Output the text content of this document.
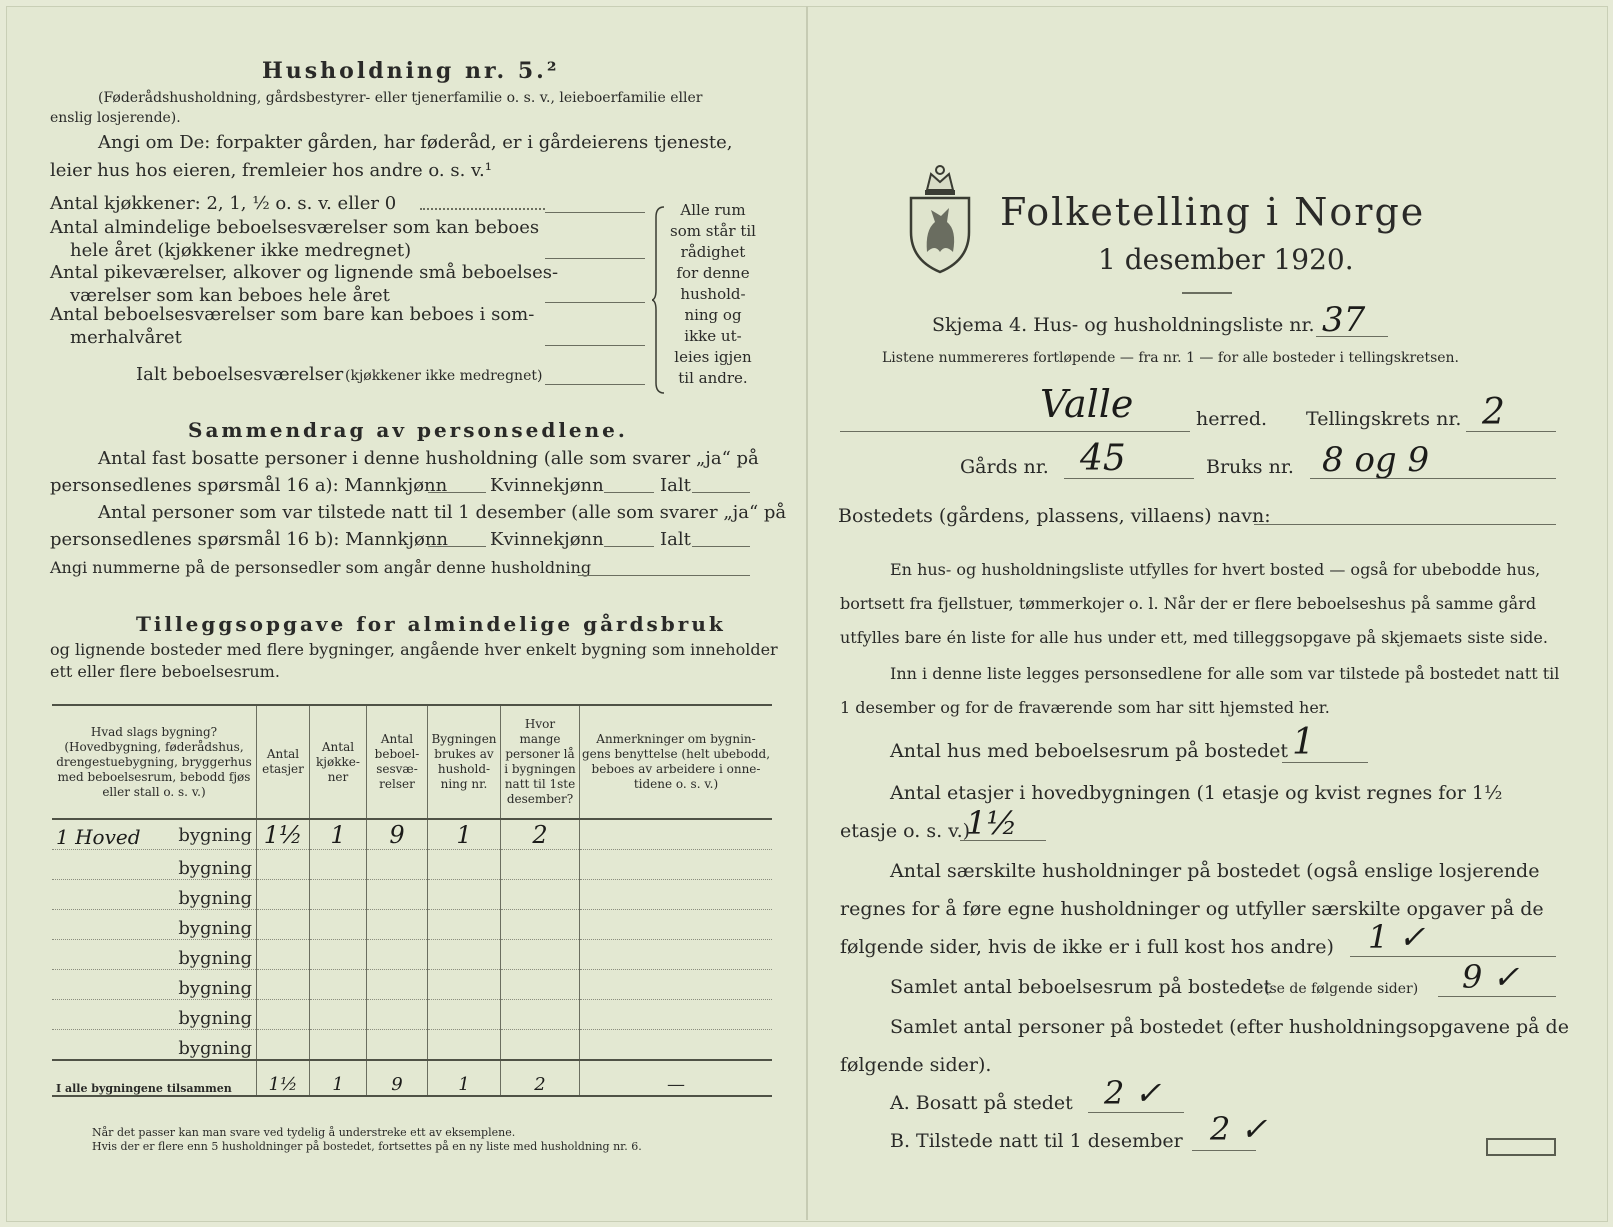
Husholdning nr. 5.²
(Føderådshusholdning, gårdsbestyrer- eller tjenerfamilie o. s. v., leieboerfamilie eller
enslig losjerende).
Angi om De: forpakter gården, har føderåd, er i gårdeierens tjeneste,
leier hus hos eieren, fremleier hos andre o. s. v.¹
Antal kjøkkener: 2, 1, ½ o. s. v. eller 0
Antal almindelige beboelsesværelser som kan beboes
hele året (kjøkkener ikke medregnet)
Antal pikeværelser, alkover og lignende små beboelses-
værelser som kan beboes hele året
Antal beboelsesværelser som bare kan beboes i som-
merhalvåret
Ialt beboelsesværelser (kjøkkener ikke medregnet)
Alle rum
som står til
rådighet
for denne
hushold-
ning og
ikke ut-
leies igjen
til andre.
Sammendrag av personsedlene.
Antal fast bosatte personer i denne husholdning (alle som svarer „ja“ på
personsedlenes spørsmål 16 a): Mannkjønn Kvinnekjønn	Ialt
Antal personer som var tilstede natt til 1 desember (alle som svarer „ja“ på
personsedlenes spørsmål 16 b): Mannkjønn Kvinnekjønn	Ialt
Angi nummerne på de personsedler som angår denne husholdning
Tilleggsopgave for almindelige gårdsbruk
og lignende bosteder med flere bygninger, angående hver enkelt bygning som inneholder
ett eller flere beboelsesrum.
Hvad slags bygning? (Hovedbygning, føderådshus, drengestuebygning, bryggerhus med beboelsesrum, bebodd fjøs eller stall o. s. v.)	Antal etasjer	Antal kjøkke-ner	Antal beboel-sesvæ-relser	Bygningen brukes av hushold-ning nr.	Hvor mange personer lå i bygningen natt til 1ste desember?	Anmerkninger om bygnin-gens benyttelse (helt ubebodd, beboes av arbeidere i onne-tidene o. s. v.)

1 Hoved bygning	1½	1	9	1	2	

bygning						

bygning						

bygning						

bygning						

bygning						

bygning						

bygning						
I alle bygningene tilsammen	1½	1	9	1	2	—
Når det passer kan man svare ved tydelig å understreke ett av eksemplene.
Hvis der er flere enn 5 husholdninger på bostedet, fortsettes på en ny liste med husholdning nr. 6.
Folketelling i Norge
1 desember 1920.
Skjema 4. Hus- og husholdningsliste nr. 37
Listene nummereres fortløpende — fra nr. 1 — for alle bosteder i tellingskretsen.
Valle	herred. Tellingskrets nr. 2
Gårds nr. 45	Bruks nr. 8 og 9
Bostedets (gårdens, plassens, villaens) navn:
En hus- og husholdningsliste utfylles for hvert bosted — også for ubebodde hus,
bortsett fra fjellstuer, tømmerkojer o. l. Når der er flere beboelseshus på samme gård
utfylles bare én liste for alle hus under ett, med tilleggsopgave på skjemaets siste side.
Inn i denne liste legges personsedlene for alle som var tilstede på bostedet natt til
1 desember og for de fraværende som har sitt hjemsted her.
Antal hus med beboelsesrum på bostedet 1
Antal etasjer i hovedbygningen (1 etasje og kvist regnes for 1½
etasje o. s. v.)
1½
Antal særskilte husholdninger på bostedet (også enslige losjerende
regnes for å føre egne husholdninger og utfyller særskilte opgaver på de
følgende sider, hvis de ikke er i full kost hos andre) 1 ✓
Samlet antal beboelsesrum på bostedet
(se de følgende sider) 9 ✓
Samlet antal personer på bostedet (efter husholdningsopgavene på de
følgende sider).
A. Bosatt på stedet 2 ✓
B. Tilstede natt til 1 desember 2 ✓
